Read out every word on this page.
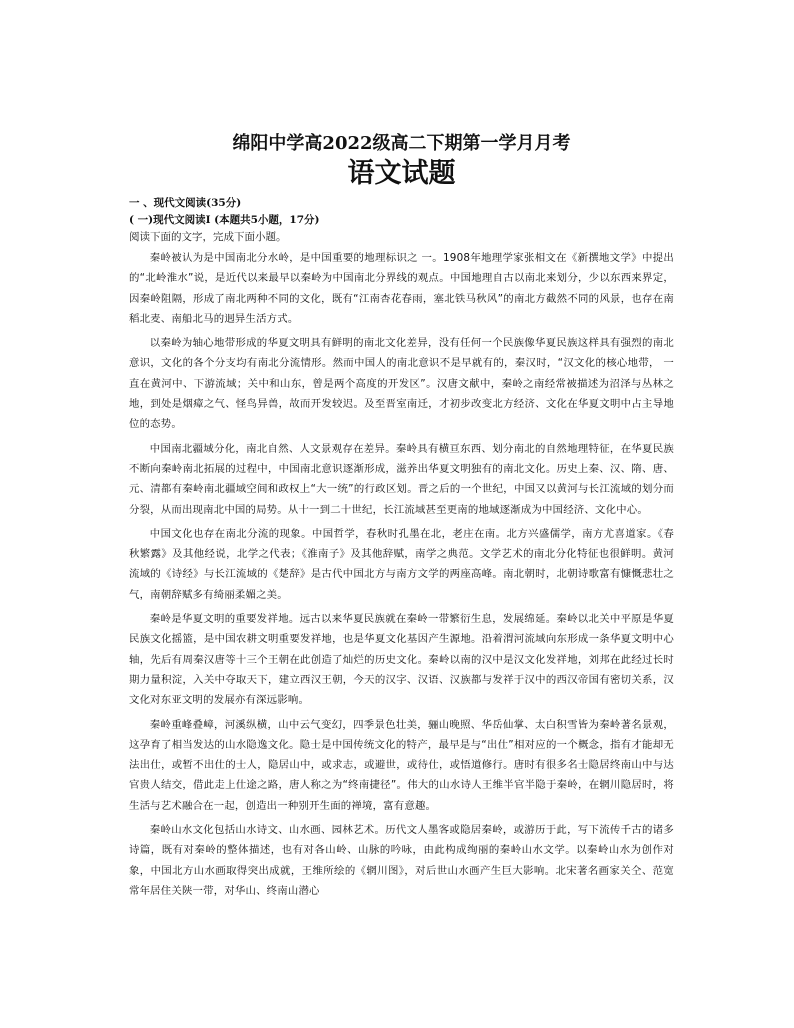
绵阳中学高2022级高二下期第一学月月考
语文试题

一 、现代文阅读(35分)

( 一)现代文阅读I (本题共5小题，17分)

阅读下面的文字，完成下面小题。

秦岭被认为是中国南北分水岭，是中国重要的地理标识之 一。1908年地理学家张相文在《新撰地文学》中提出的“北岭淮水”说，是近代以来最早以秦岭为中国南北分界线的观点。中国地理自古以南北来划分，少以东西来界定，因秦岭阻隔，形成了南北两种不同的文化，既有“江南杏花春雨，塞北铁马秋风”的南北方截然不同的风景，也存在南稻北麦、南船北马的迥异生活方式。

以秦岭为轴心地带形成的华夏文明具有鲜明的南北文化差异，没有任何一个民族像华夏民族这样具有强烈的南北意识，文化的各个分支均有南北分流情形。然而中国人的南北意识不是早就有的，秦汉时，“汉文化的核心地带， 一直在黄河中、下游流域；关中和山东，曾是两个高度的开发区”。汉唐文献中，秦岭之南经常被描述为沼泽与丛林之地，到处是烟瘴之气、怪鸟异兽，故而开发较迟。及至晋室南迁，才初步改变北方经济、文化在华夏文明中占主导地位的态势。

中国南北疆域分化，南北自然、人文景观存在差异。秦岭具有横亘东西、划分南北的自然地理特征，在华夏民族不断向秦岭南北拓展的过程中，中国南北意识逐渐形成，滋养出华夏文明独有的南北文化。历史上秦、汉、隋、唐、元、清都有秦岭南北疆域空间和政权上“大一统”的行政区划。晋之后的一个世纪，中国又以黄河与长江流域的划分而分裂，从而出现南北中国的局势。从十一到二十世纪，长江流域甚至更南的地域逐渐成为中国经济、文化中心。

中国文化也存在南北分流的现象。中国哲学，春秋时孔墨在北，老庄在南。北方兴盛儒学，南方尤喜道家。《春秋繁露》及其他经说，北学之代表；《淮南子》及其他辞赋，南学之典范。文学艺术的南北分化特征也很鲜明。黄河流域的《诗经》与长江流域的《楚辞》是古代中国北方与南方文学的两座高峰。南北朝时，北朝诗歌富有慷慨悲壮之气，南朝辞赋多有绮丽柔媚之美。

秦岭是华夏文明的重要发祥地。远古以来华夏民族就在秦岭一带繁衍生息，发展绵延。秦岭以北关中平原是华夏民族文化摇篮，是中国农耕文明重要发祥地，也是华夏文化基因产生源地。沿着渭河流域向东形成一条华夏文明中心轴，先后有周秦汉唐等十三个王朝在此创造了灿烂的历史文化。秦岭以南的汉中是汉文化发祥地，刘邦在此经过长时期力量积淀，入关中夺取天下，建立西汉王朝，今天的汉字、汉语、汉族都与发祥于汉中的西汉帝国有密切关系，汉文化对东亚文明的发展亦有深远影响。

秦岭重峰叠嶂，河溪纵横，山中云气变幻，四季景色壮美，骊山晚照、华岳仙掌、太白积雪皆为秦岭著名景观，这孕育了相当发达的山水隐逸文化。隐士是中国传统文化的特产，最早是与“出仕”相对应的一个概念，指有才能却无法出仕，或暂不出仕的士人，隐居山中，或求志，或避世，或待仕，或悟道修行。唐时有很多名士隐居终南山中与达官贵人结交，借此走上仕途之路，唐人称之为“终南捷径”。伟大的山水诗人王维半官半隐于秦岭，在辋川隐居时，将生活与艺术融合在一起，创造出一种别开生面的禅境，富有意趣。

秦岭山水文化包括山水诗文、山水画、园林艺术。历代文人墨客或隐居秦岭，或游历于此，写下流传千古的诸多诗篇，既有对秦岭的整体描述，也有对各山岭、山脉的吟咏，由此构成绚丽的秦岭山水文学。以秦岭山水为创作对象，中国北方山水画取得突出成就，王维所绘的《辋川图》，对后世山水画产生巨大影响。北宋著名画家关仝、范宽常年居住关陕一带，对华山、终南山潜心
